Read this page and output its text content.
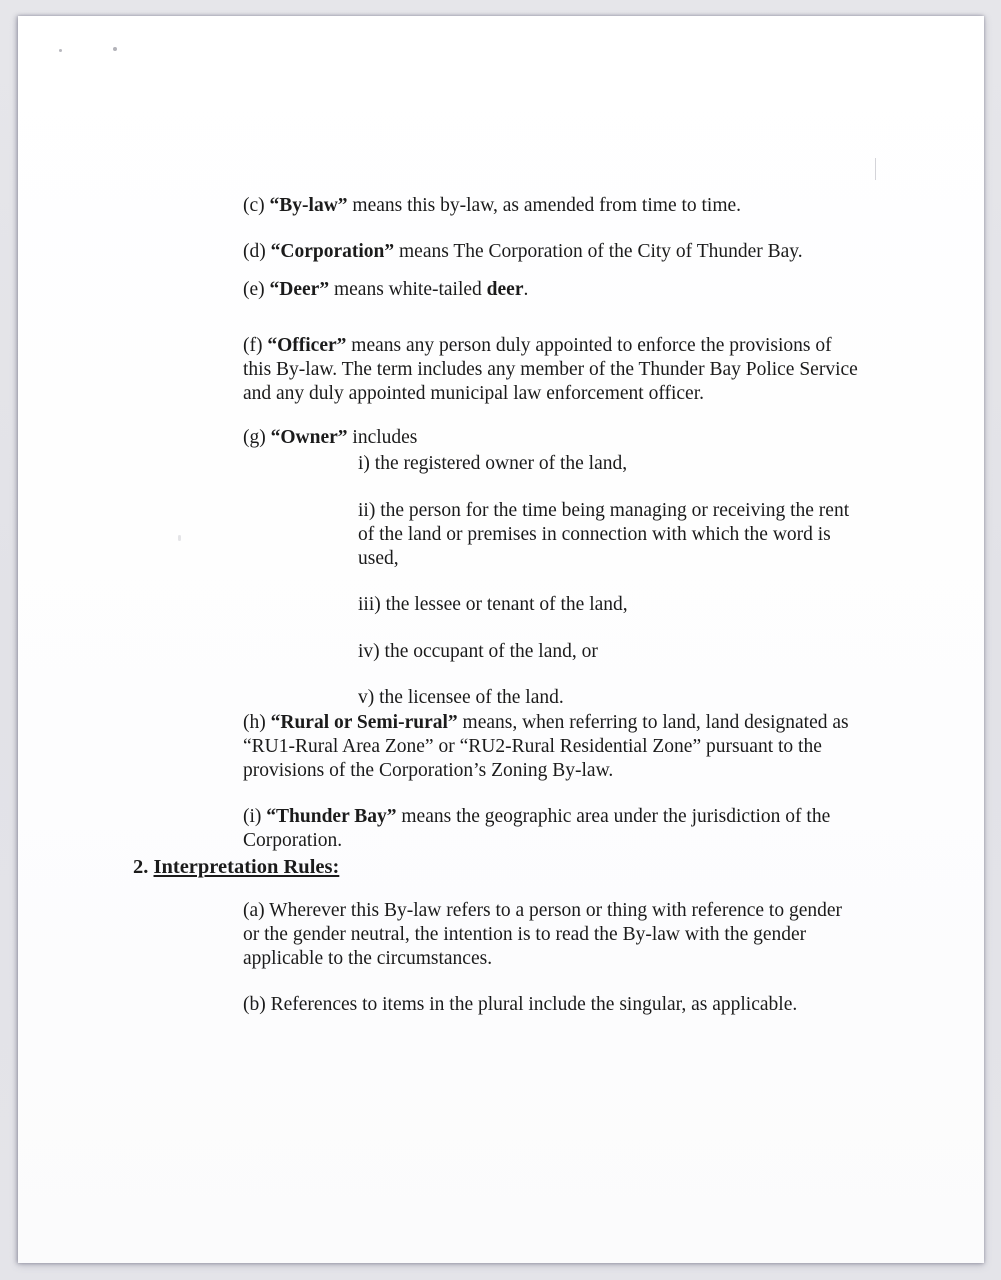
(c) “By-law” means this by-law, as amended from time to time.

(d) “Corporation” means The Corporation of the City of Thunder Bay.

(e) “Deer” means white-tailed deer.

(f) “Officer” means any person duly appointed to enforce the provisions of this By-law. The term includes any member of the Thunder Bay Police Service and any duly appointed municipal law enforcement officer.

(g) “Owner” includes

i) the registered owner of the land,

ii) the person for the time being managing or receiving the rent of the land or premises in connection with which the word is used,

iii) the lessee or tenant of the land,

iv) the occupant of the land, or

v) the licensee of the land.

(h) “Rural or Semi-rural” means, when referring to land, land designated as “RU1-Rural Area Zone” or “RU2-Rural Residential Zone” pursuant to the provisions of the Corporation’s Zoning By-law.

(i) “Thunder Bay” means the geographic area under the jurisdiction of the Corporation.

2. Interpretation Rules:

(a) Wherever this By-law refers to a person or thing with reference to gender or the gender neutral, the intention is to read the By-law with the gender applicable to the circumstances.

(b) References to items in the plural include the singular, as applicable.
